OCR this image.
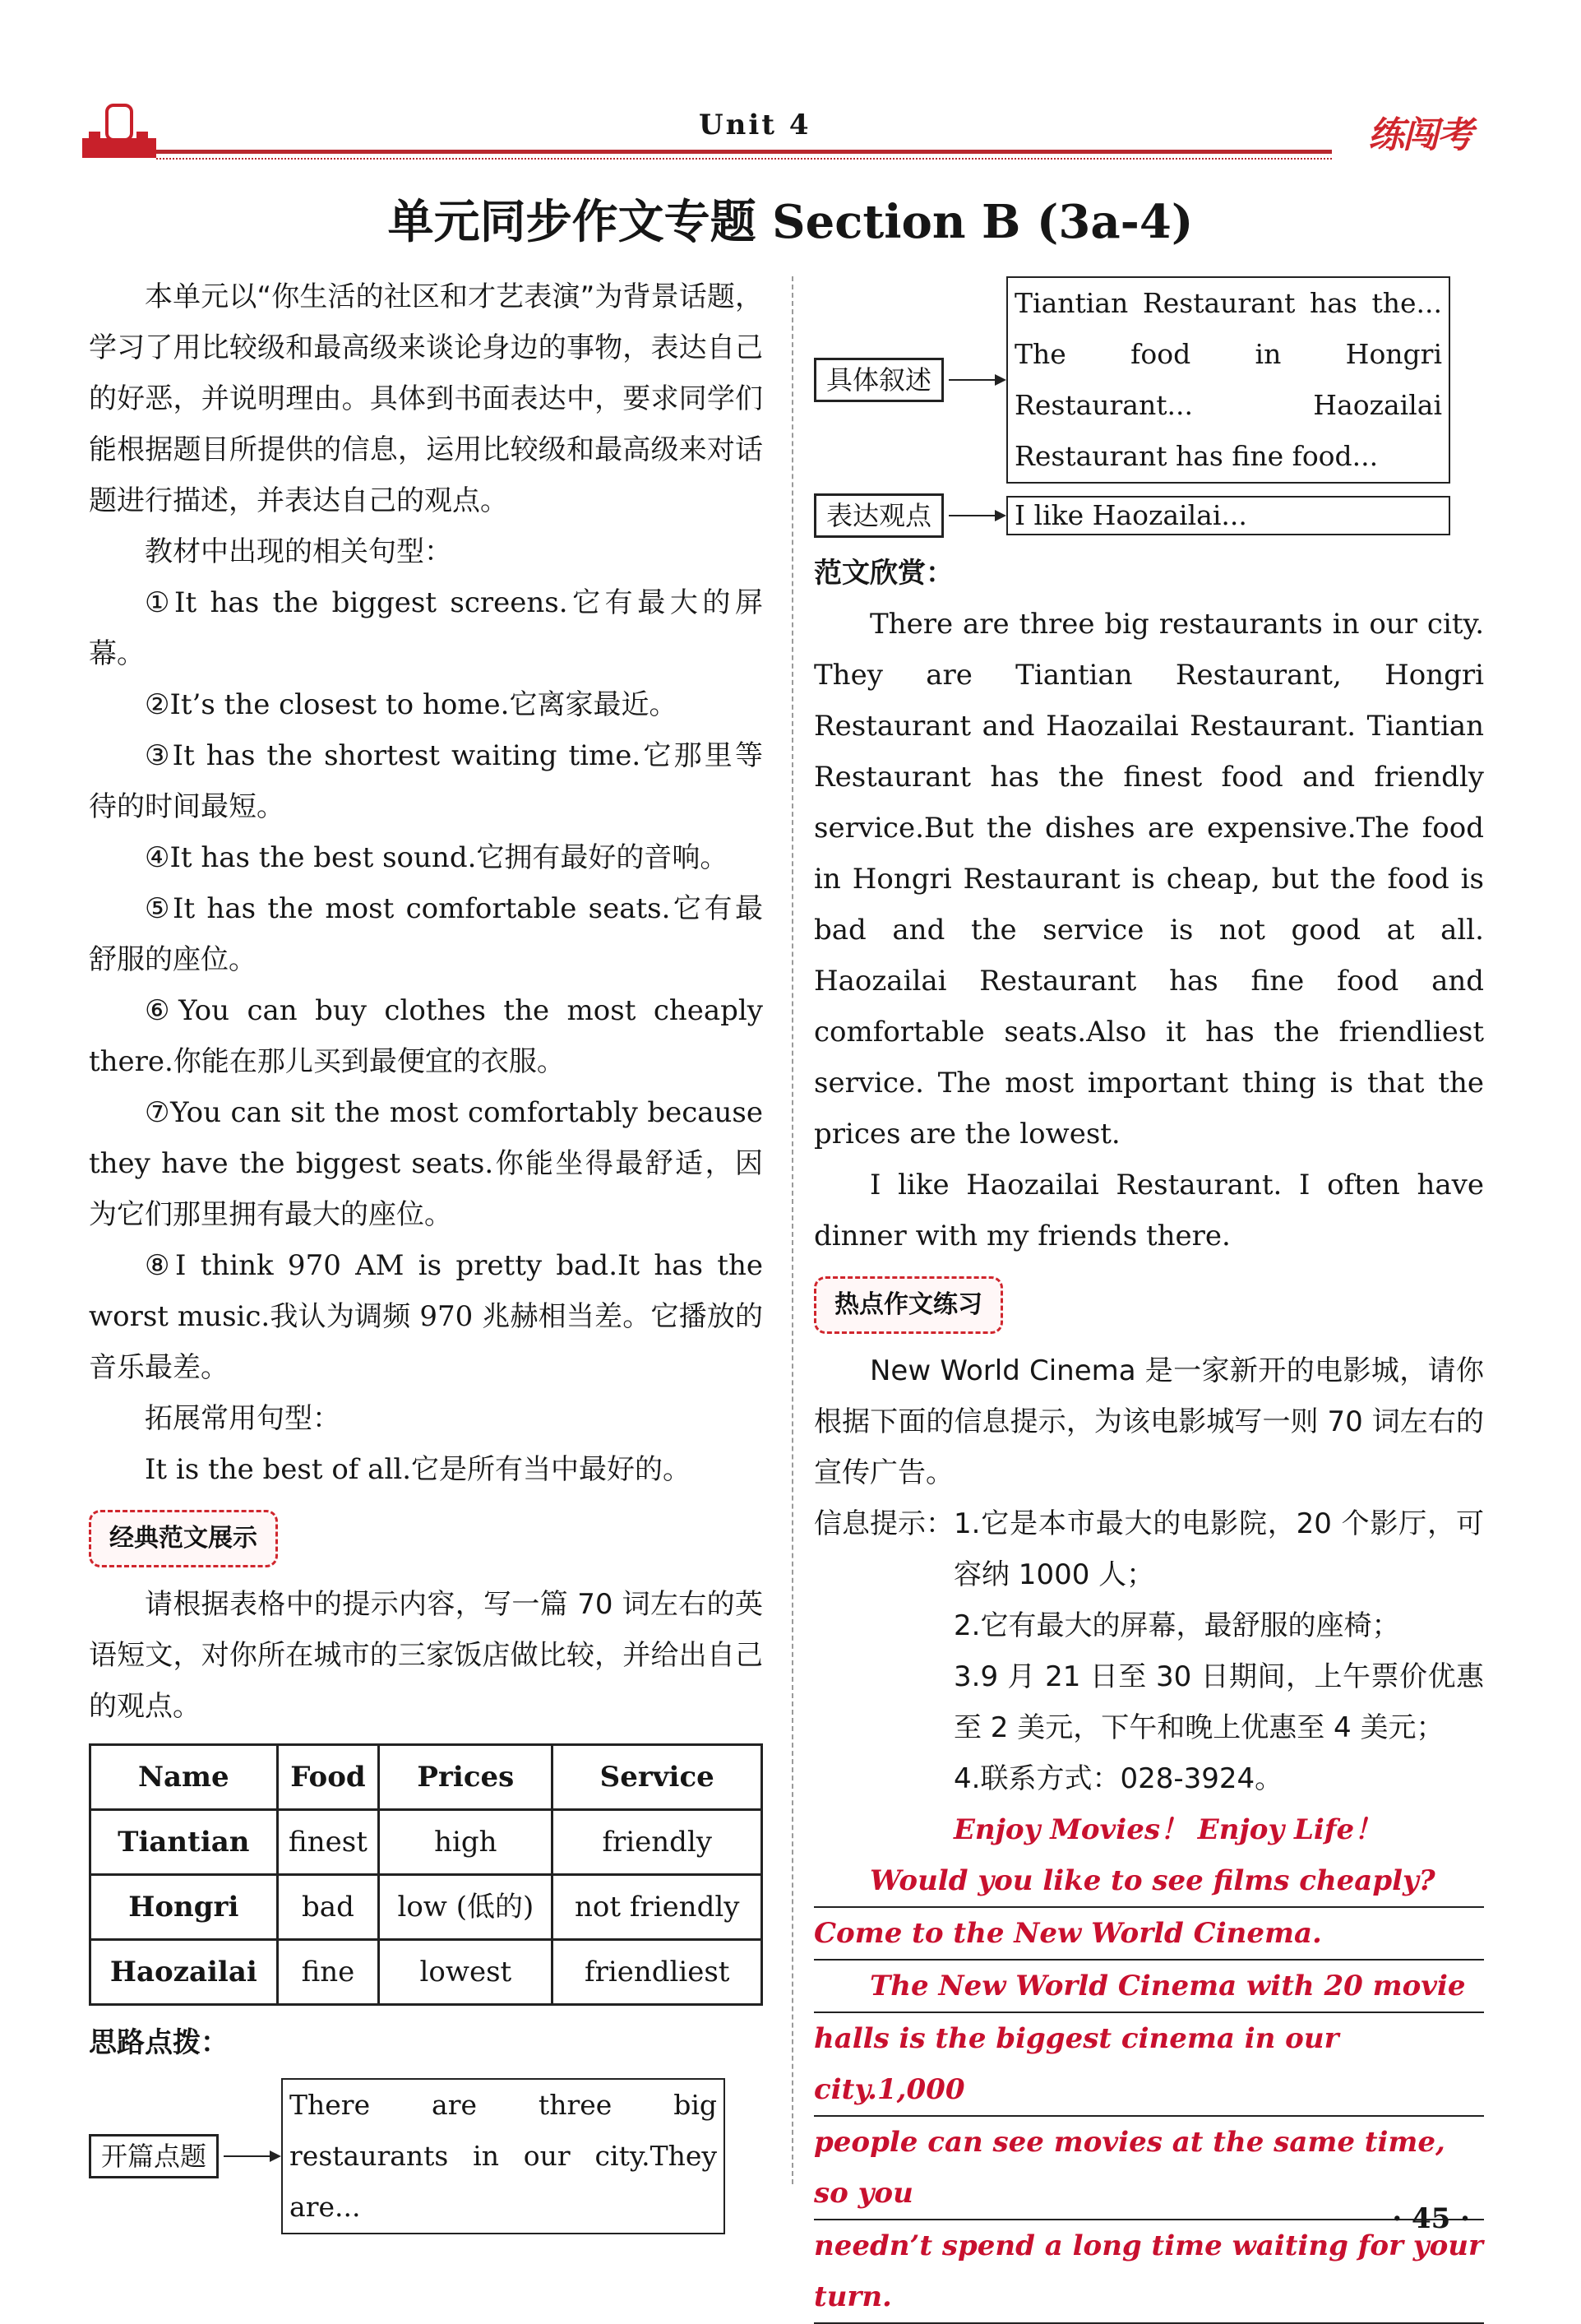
Unit 4	练闯考
单元同步作文专题 Section B (3a-4)

本单元以“你生活的社区和才艺表演”为背景话题，学习了用比较级和最高级来谈论身边的事物，表达自己的好恶，并说明理由。具体到书面表达中，要求同学们能根据题目所提供的信息，运用比较级和最高级来对话题进行描述，并表达自己的观点。

教材中出现的相关句型：

①It has the biggest screens.它有最大的屏幕。

②It’s the closest to home.它离家最近。

③It has the shortest waiting time.它那里等待的时间最短。

④It has the best sound.它拥有最好的音响。

⑤It has the most comfortable seats.它有最舒服的座位。

⑥You can buy clothes the most cheaply there.你能在那儿买到最便宜的衣服。

⑦You can sit the most comfortably because they have the biggest seats.你能坐得最舒适，因为它们那里拥有最大的座位。

⑧I think 970 AM is pretty bad.It has the worst music.我认为调频 970 兆赫相当差。它播放的音乐最差。

拓展常用句型：

It is the best of all.它是所有当中最好的。

经典范文展示

请根据表格中的提示内容，写一篇 70 词左右的英语短文，对你所在城市的三家饭店做比较，并给出自己的观点。

Name	Food	Prices	Service
Tiantian	finest	high	friendly
Hongri	bad	low (低的)	not friendly
Haozailai	fine	lowest	friendliest

思路点拨：

开篇点题
There are three big restaurants in our city.They are...
具体叙述
Tiantian Restaurant has the... The food in Hongri Restaurant... Haozailai Restaurant has fine food...
表达观点	I like Haozailai...

范文欣赏：

There are three big restaurants in our city. They are Tiantian Restaurant, Hongri Restaurant and Haozailai Restaurant. Tiantian Restaurant has the finest food and friendly service.But the dishes are expensive.The food in Hongri Restaurant is cheap, but the food is bad and the service is not good at all. Haozailai Restaurant has fine food and comfortable seats.Also it has the friendliest service. The most important thing is that the prices are the lowest.

I like Haozailai Restaurant. I often have dinner with my friends there.

热点作文练习

New World Cinema 是一家新开的电影城，请你根据下面的信息提示，为该电影城写一则 70 词左右的宣传广告。

信息提示： 1.它是本市最大的电影院，20 个影厅，可容纳 1000 人；

2.它有最大的屏幕，最舒服的座椅；

3.9 月 21 日至 30 日期间，上午票价优惠至 2 美元，下午和晚上优惠至 4 美元；

4.联系方式：028-3924。

Enjoy Movies！ Enjoy Life！

Would you like to see films cheaply?
Come to the New World Cinema.
The New World Cinema with 20 movie
halls is the biggest cinema in our city.1,000
people can see movies at the same time, so you
needn’t spend a long time waiting for your turn.
· 45 ·
